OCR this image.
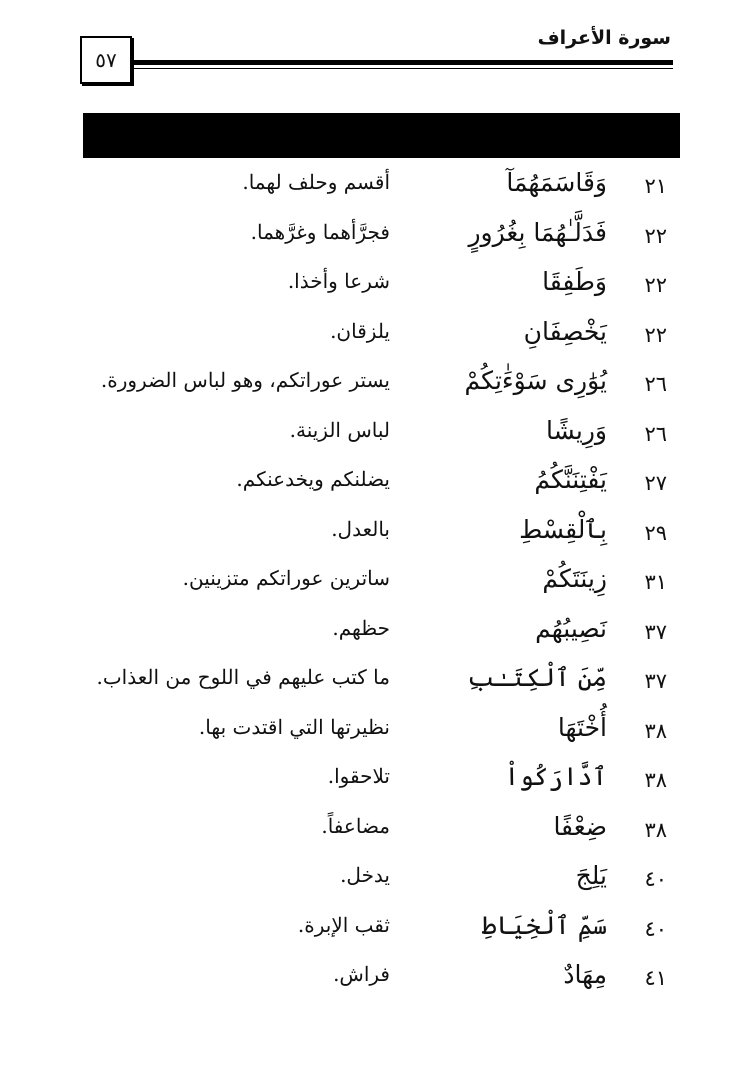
سورة الأعراف
٥٧
٢١
وَقَاسَمَهُمَآ
أقسم وحلف لهما.
٢٢
فَدَلَّـٰهُمَا بِغُرُورٍ
فجرَّأهما وغرَّهما.
٢٢
وَطَفِقَا
شرعا وأخذا.
٢٢
يَخْصِفَانِ
يلزقان.
٢٦
يُوَٰرِى سَوْءَٰتِكُمْ
يستر عوراتكم، وهو لباس الضرورة.
٢٦
وَرِيشًا
لباس الزينة.
٢٧
يَفْتِنَنَّكُمُ
يضلنكم ويخدعنكم.
٢٩
بِٱلْقِسْطِ
بالعدل.
٣١
زِينَتَكُمْ
ساترين عوراتكم متزينين.
٣٧
نَصِيبُهُم
حظهم.
٣٧
مِّنَ ٱلْكِتَـٰبِ
ما كتب عليهم في اللوح من العذاب.
٣٨
أُخْتَهَا
نظيرتها التي اقتدت بها.
٣٨
ٱدَّارَكُواْ
تلاحقوا.
٣٨
ضِعْفًا
مضاعفاً.
٤٠
يَلِجَ
يدخل.
٤٠
سَمِّ ٱلْخِيَاطِ
ثقب الإبرة.
٤١
مِهَادٌ
فراش.
